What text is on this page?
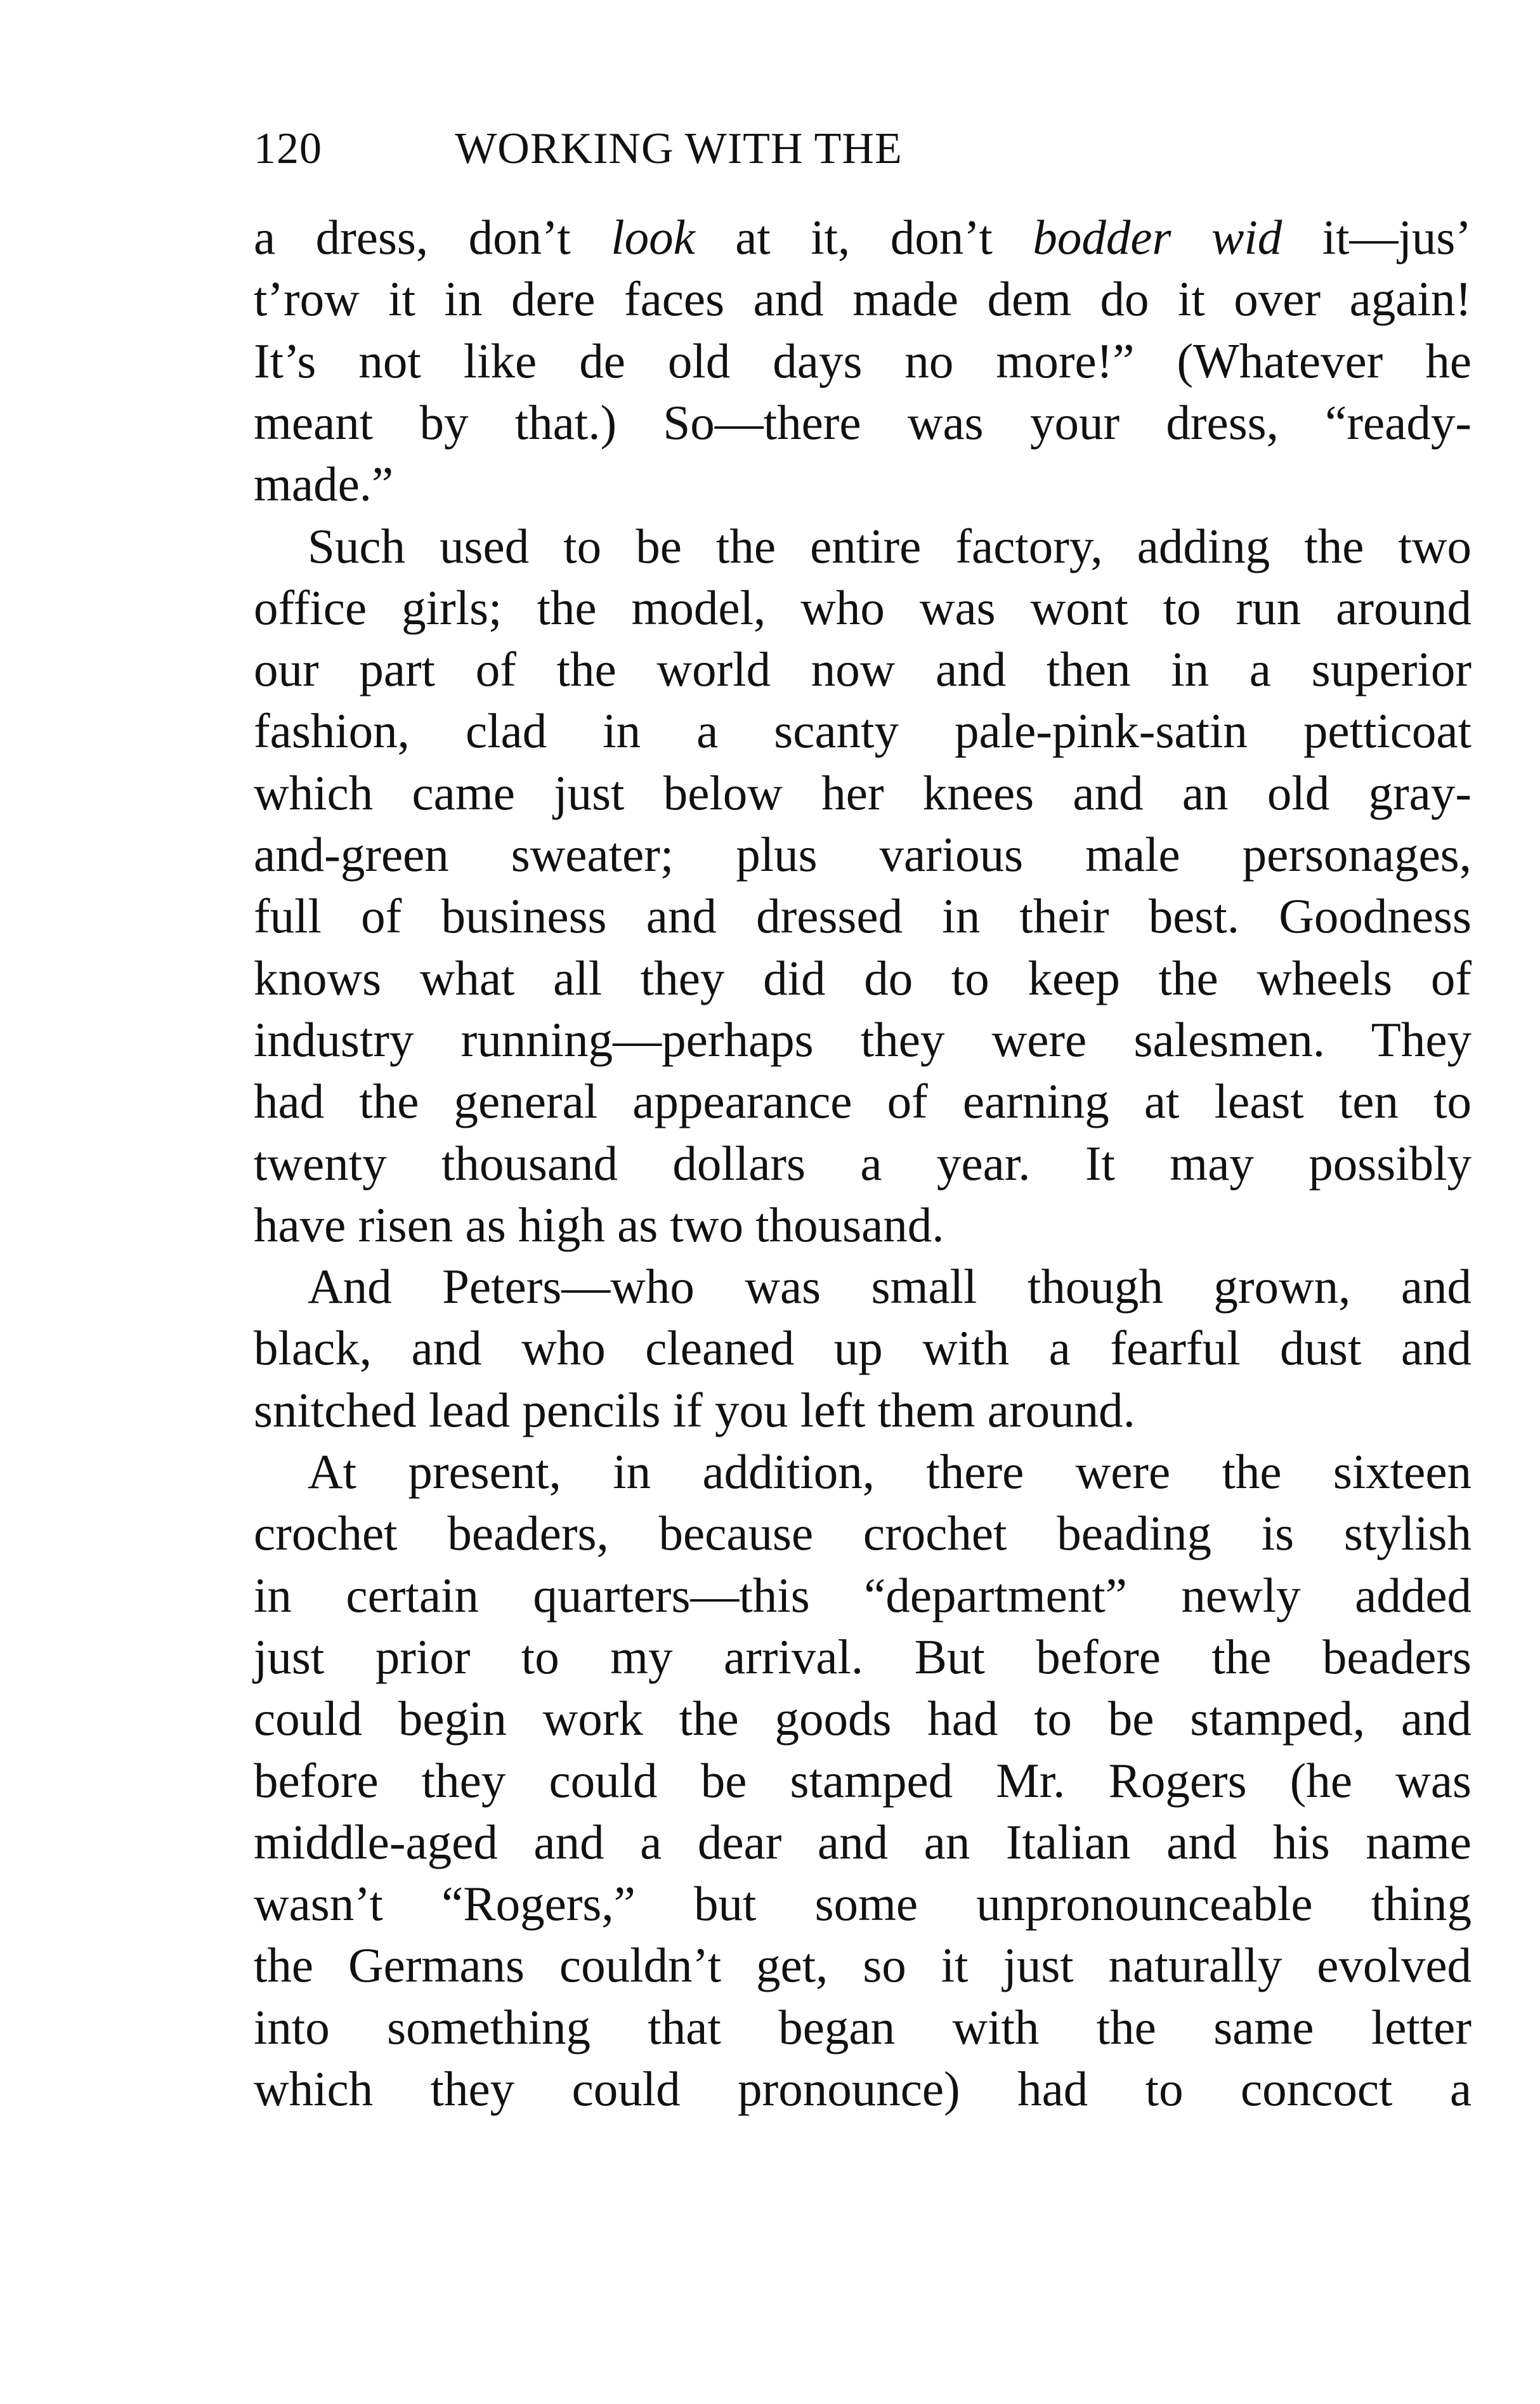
120	WORKING WITH THE
a dress, don’t look at it, don’t bodder wid it—jus’
t’row it in dere faces and made dem do it over again!
It’s not like de old days no more!” (Whatever he
meant by that.) So—there was your dress, “ready-
made.”
Such used to be the entire factory, adding the two
office girls; the model, who was wont to run around
our part of the world now and then in a superior
fashion, clad in a scanty pale-pink-satin petticoat
which came just below her knees and an old gray-
and-green sweater; plus various male personages,
full of business and dressed in their best. Goodness
knows what all they did do to keep the wheels of
industry running—perhaps they were salesmen. They
had the general appearance of earning at least ten to
twenty thousand dollars a year. It may possibly
have risen as high as two thousand.
And Peters—who was small though grown, and
black, and who cleaned up with a fearful dust and
snitched lead pencils if you left them around.
At present, in addition, there were the sixteen
crochet beaders, because crochet beading is stylish
in certain quarters—this “department” newly added
just prior to my arrival. But before the beaders
could begin work the goods had to be stamped, and
before they could be stamped Mr. Rogers (he was
middle-aged and a dear and an Italian and his name
wasn’t “Rogers,” but some unpronounceable thing
the Germans couldn’t get, so it just naturally evolved
into something that began with the same letter
which they could pronounce) had to concoct a
